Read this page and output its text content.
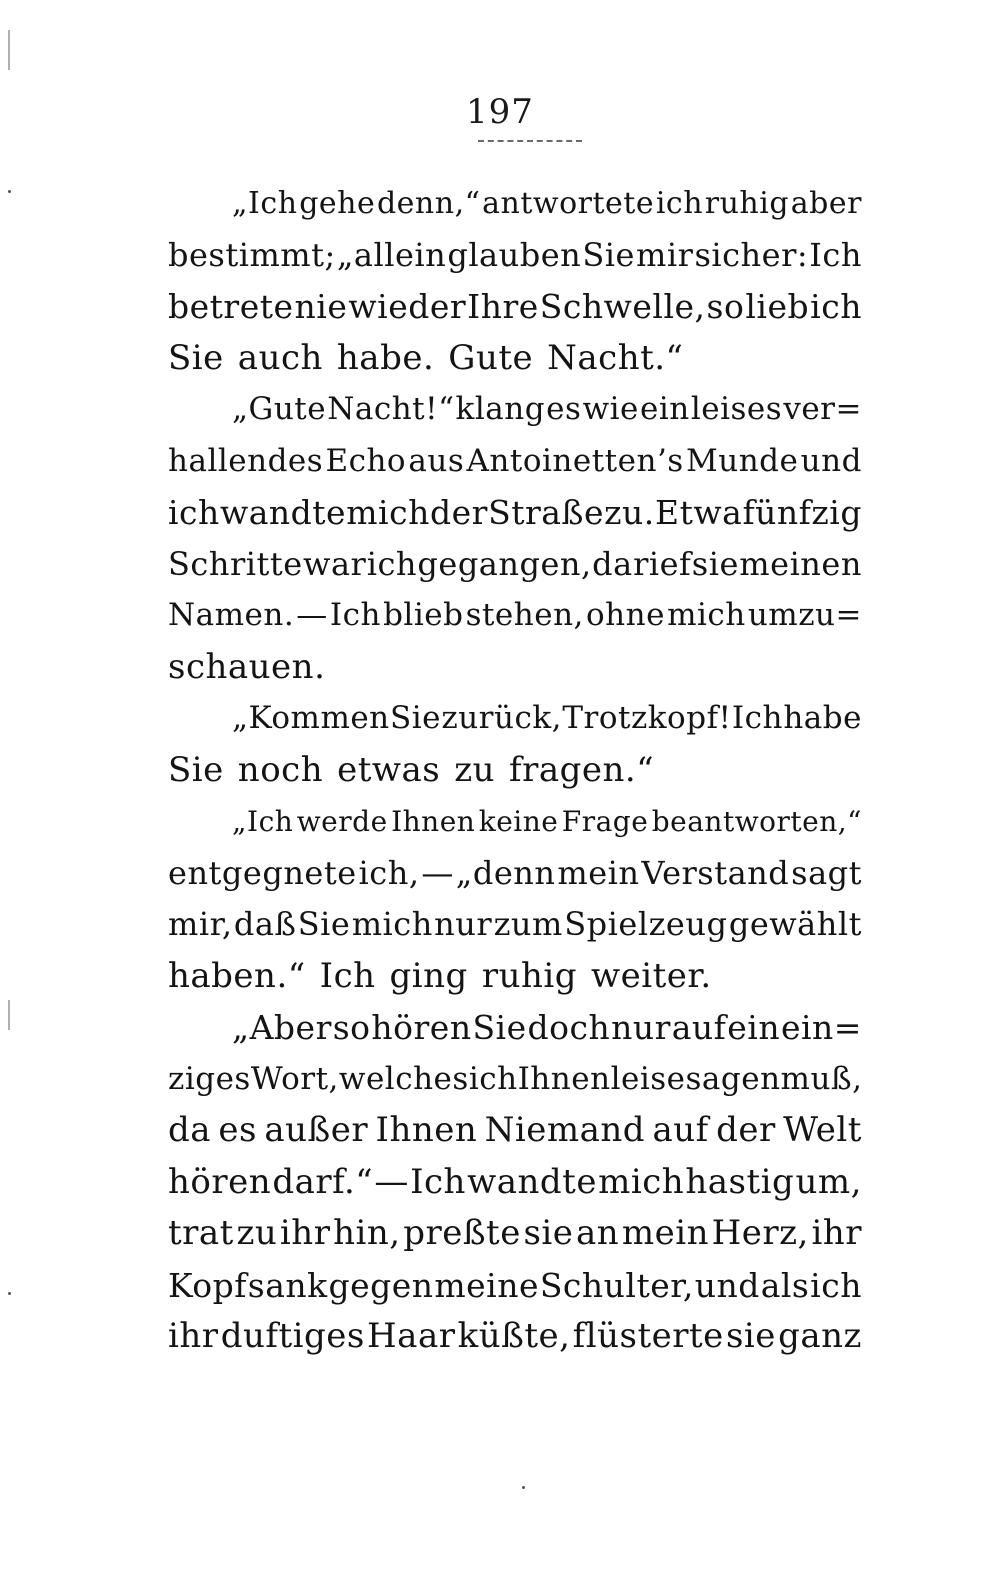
197
„Ich gehe denn,“ antwortete ich ruhig aber
bestimmt; „allein glauben Sie mir sicher: Ich
betrete nie wieder Ihre Schwelle, so lieb ich
Sie auch habe. Gute Nacht.“
„Gute Nacht!“ klang es wie ein leises ver=
hallendes Echo aus Antoinetten’s Munde und
ich wandte mich der Straße zu. Etwa fünfzig
Schritte war ich gegangen, da rief sie meinen
Namen. — Ich blieb stehen, ohne mich umzu=
schauen.
„Kommen Sie zurück, Trotzkopf! Ich habe
Sie noch etwas zu fragen.“
„Ich werde Ihnen keine Frage beantworten,“
entgegnete ich, — „denn mein Verstand sagt
mir, daß Sie mich nur zum Spielzeug gewählt
haben.“ Ich ging ruhig weiter.
„Aber so hören Sie doch nur auf ein ein=
ziges Wort, welches ich Ihnen leise sagen muß,
da es außer Ihnen Niemand auf der Welt
hören darf.“ — Ich wandte mich hastig um,
trat zu ihr hin, preßte sie an mein Herz, ihr
Kopf sank gegen meine Schulter, und als ich
ihr duftiges Haar küßte, flüsterte sie ganz
